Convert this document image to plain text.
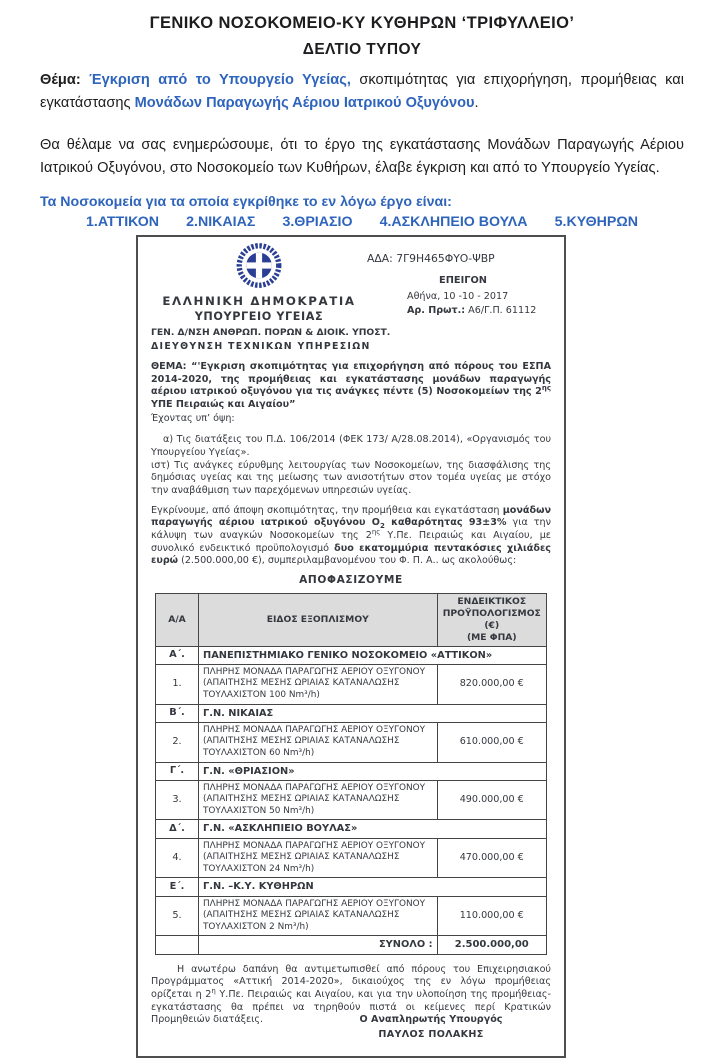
ΓΕΝΙΚΟ ΝΟΣΟΚΟΜΕΙΟ-ΚΥ ΚΥΘΗΡΩΝ ‘ΤΡΙΦΥΛΛΕΙΟ’
ΔΕΛΤΙΟ ΤΥΠΟΥ

Θέμα: Έγκριση από το Υπουργείο Υγείας, σκοπιμότητας για επιχορήγηση, προμήθειας και εγκατάστασης Μονάδων Παραγωγής Αέριου Ιατρικού Οξυγόνου.

Θα θέλαμε να σας ενημερώσουμε, ότι το έργο της εγκατάστασης Μονάδων Παραγωγής Αέριου Ιατρικού Οξυγόνου, στο Νοσοκομείο των Κυθήρων, έλαβε έγκριση και από το Υπουργείο Υγείας.

Τα Νοσοκομεία για τα οποία εγκρίθηκε το εν λόγω έργο είναι:
1.ΑΤΤΙΚΟΝ 2.ΝΙΚΑΙΑΣ 3.ΘΡΙΑΣΙΟ 4.ΑΣΚΛΗΠΕΙΟ ΒΟΥΛΑ 5.ΚΥΘΗΡΩΝ
ΕΛΛΗΝΙΚΗ ΔΗΜΟΚΡΑΤΙΑ
ΥΠΟΥΡΓΕΙΟ ΥΓΕΙΑΣ
ΑΔΑ: 7Γ9Η465ΦΥΟ-ΨΒΡ
ΕΠΕΙΓΟΝ
Αθήνα, 10 -10 - 2017
Αρ. Πρωτ.: Α6/Γ.Π. 61112
ΓΕΝ. Δ/ΝΣΗ ΑΝΘΡΩΠ. ΠΟΡΩΝ & ΔΙΟΙΚ. ΥΠΟΣΤ.
ΔΙΕΥΘΥΝΣΗ ΤΕΧΝΙΚΩΝ ΥΠΗΡΕΣΙΩΝ
ΘΕΜΑ: “'Εγκριση σκοπιμότητας για επιχορήγηση από πόρους του ΕΣΠΑ 2014-2020, της προμήθειας και εγκατάστασης μονάδων παραγωγής αέριου ιατρικού οξυγόνου για τις ανάγκες πέντε (5) Νοσοκομείων της $2^{\eta\varsigma}$ ΥΠΕ Πειραιώς και Αιγαίου”
Έχοντας υπ’ όψη:

α) Τις διατάξεις του Π.Δ. 106/2014 (ΦΕΚ 173/ Α/28.08.2014), «Οργανισμός του Υπουργείου Υγείας».

ιστ) Τις ανάγκες εύρυθμης λειτουργίας των Νοσοκομείων, της διασφάλισης της δημόσιας υγείας και της μείωσης των ανισοτήτων στον τομέα υγείας με στόχο την αναβάθμιση των παρεχόμενων υπηρεσιών υγείας.

Εγκρίνουμε, από άποψη σκοπιμότητας, την προμήθεια και εγκατάσταση μονάδων παραγωγής αέριου ιατρικού οξυγόνου $O_2$ καθαρότητας 93±3% για την κάλυψη των αναγκών Νοσοκομείων της $2^{\eta\varsigma}$ Υ.Πε. Πειραιώς και Αιγαίου, με συνολικό ενδεικτικό προϋπολογισμό δυο εκατομμύρια πεντακόσιες χιλιάδες ευρώ (2.500.000,00 €), συμπεριλαμβανομένου του Φ. Π. Α.. ως ακολούθως:

ΑΠΟΦΑΣΙΖΟΥΜΕ
Α/Α	ΕΙΔΟΣ ΕΞΟΠΛΙΣΜΟΥ	ΕΝΔΕΙΚΤΙΚΟΣ
ΠΡΟΫΠΟΛΟΓΙΣΜΟΣ
(€)
(ΜΕ ΦΠΑ)

Α΄.	ΠΑΝΕΠΙΣΤΗΜΙΑΚΟ ΓΕΝΙΚΟ ΝΟΣΟΚΟΜΕΙΟ «ΑΤΤΙΚΟΝ»	
1.	ΠΛΗΡΗΣ ΜΟΝΑΔΑ ΠΑΡΑΓΩΓΗΣ ΑΕΡΙΟΥ ΟΞΥΓΟΝΟΥ (ΑΠΑΙΤΗΣΗΣ ΜΕΣΗΣ ΩΡΙΑΙΑΣ ΚΑΤΑΝΑΛΩΣΗΣ ΤΟΥΛΑΧΙΣΤΟΝ 100 Nm³/h)	820.000,00 €
Β΄.	Γ.Ν. ΝΙΚΑΙΑΣ	
2.	ΠΛΗΡΗΣ ΜΟΝΑΔΑ ΠΑΡΑΓΩΓΗΣ ΑΕΡΙΟΥ ΟΞΥΓΟΝΟΥ (ΑΠΑΙΤΗΣΗΣ ΜΕΣΗΣ ΩΡΙΑΙΑΣ ΚΑΤΑΝΑΛΩΣΗΣ ΤΟΥΛΑΧΙΣΤΟΝ 60 Nm³/h)	610.000,00 €
Γ΄.	Γ.Ν. «ΘΡΙΑΣΙΟΝ»	
3.	ΠΛΗΡΗΣ ΜΟΝΑΔΑ ΠΑΡΑΓΩΓΗΣ ΑΕΡΙΟΥ ΟΞΥΓΟΝΟΥ (ΑΠΑΙΤΗΣΗΣ ΜΕΣΗΣ ΩΡΙΑΙΑΣ ΚΑΤΑΝΑΛΩΣΗΣ ΤΟΥΛΑΧΙΣΤΟΝ 50 Nm³/h)	490.000,00 €
Δ΄.	Γ.Ν. «ΑΣΚΛΗΠΙΕΙΟ ΒΟΥΛΑΣ»	
4.	ΠΛΗΡΗΣ ΜΟΝΑΔΑ ΠΑΡΑΓΩΓΗΣ ΑΕΡΙΟΥ ΟΞΥΓΟΝΟΥ (ΑΠΑΙΤΗΣΗΣ ΜΕΣΗΣ ΩΡΙΑΙΑΣ ΚΑΤΑΝΑΛΩΣΗΣ ΤΟΥΛΑΧΙΣΤΟΝ 24 Nm³/h)	470.000,00 €
Ε΄.	Γ.Ν. –Κ.Υ. ΚΥΘΗΡΩΝ	
5.	ΠΛΗΡΗΣ ΜΟΝΑΔΑ ΠΑΡΑΓΩΓΗΣ ΑΕΡΙΟΥ ΟΞΥΓΟΝΟΥ (ΑΠΑΙΤΗΣΗΣ ΜΕΣΗΣ ΩΡΙΑΙΑΣ ΚΑΤΑΝΑΛΩΣΗΣ ΤΟΥΛΑΧΙΣΤΟΝ 2 Nm³/h)	110.000,00 €
	ΣΥΝΟΛΟ :	2.500.000,00

Η ανωτέρω δαπάνη θα αντιμετωπισθεί από πόρους του Επιχειρησιακού Προγράμματος «Αττική 2014-2020», δικαιούχος της εν λόγω προμήθειας ορίζεται η $2^\eta$ Υ.Πε. Πειραιώς και Αιγαίου, και για την υλοποίηση της προμήθειας-εγκατάστασης θα πρέπει να τηρηθούν πιστά οι κείμενες περί Κρατικών Προμηθειών διατάξεις.	Ο Αναπληρωτής Υπουργός
ΠΑΥΛΟΣ ΠΟΛΑΚΗΣ
